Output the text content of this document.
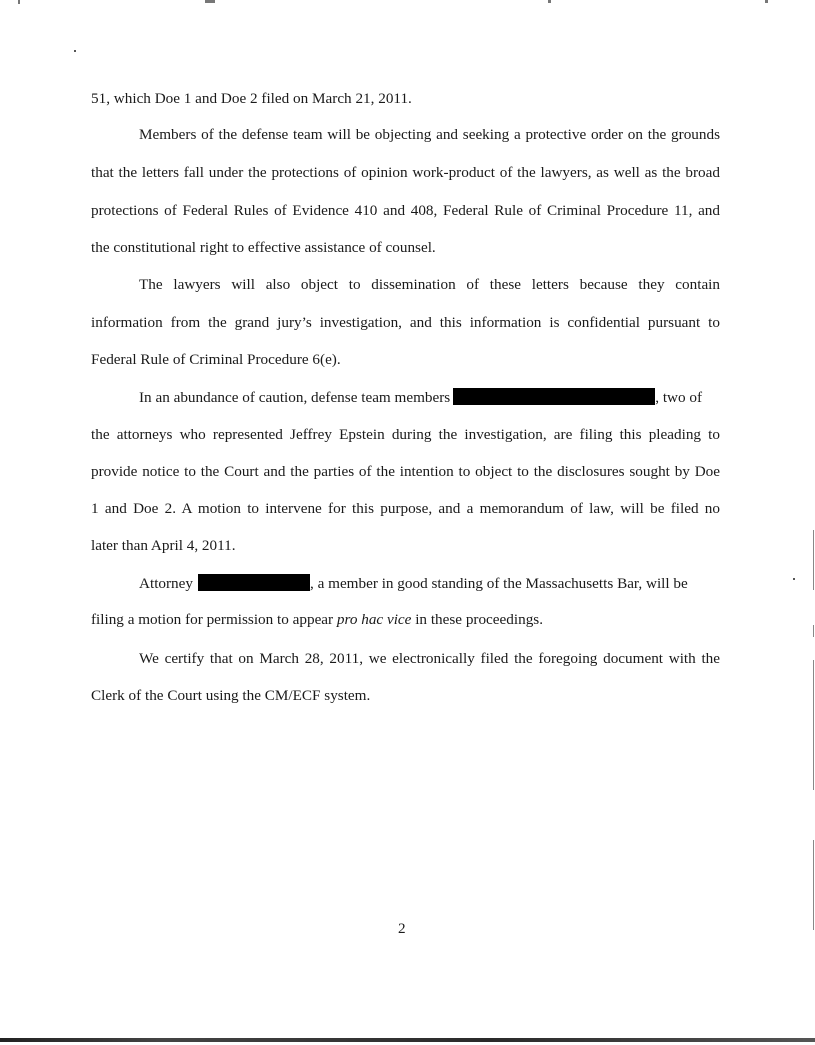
51, which Doe 1 and Doe 2 filed on March 21, 2011.
Members of the defense team will be objecting and seeking a protective order on the grounds
that the letters fall under the protections of opinion work-product of the lawyers, as well as the broad
protections of Federal Rules of Evidence 410 and 408, Federal Rule of Criminal Procedure 11, and
the constitutional right to effective assistance of counsel.
The lawyers will also object to dissemination of these letters because they contain
information from the grand jury’s investigation, and this information is confidential pursuant to
Federal Rule of Criminal Procedure 6(e).
In an abundance of caution, defense team members	, two of
the attorneys who represented Jeffrey Epstein during the investigation, are filing this pleading to
provide notice to the Court and the parties of the intention to object to the disclosures sought by Doe
1 and Doe 2. A motion to intervene for this purpose, and a memorandum of law, will be filed no
later than April 4, 2011.
Attorney	, a member in good standing of the Massachusetts Bar, will be
filing a motion for permission to appear pro hac vice in these proceedings.
We certify that on March 28, 2011, we electronically filed the foregoing document with the
Clerk of the Court using the CM/ECF system.
2
